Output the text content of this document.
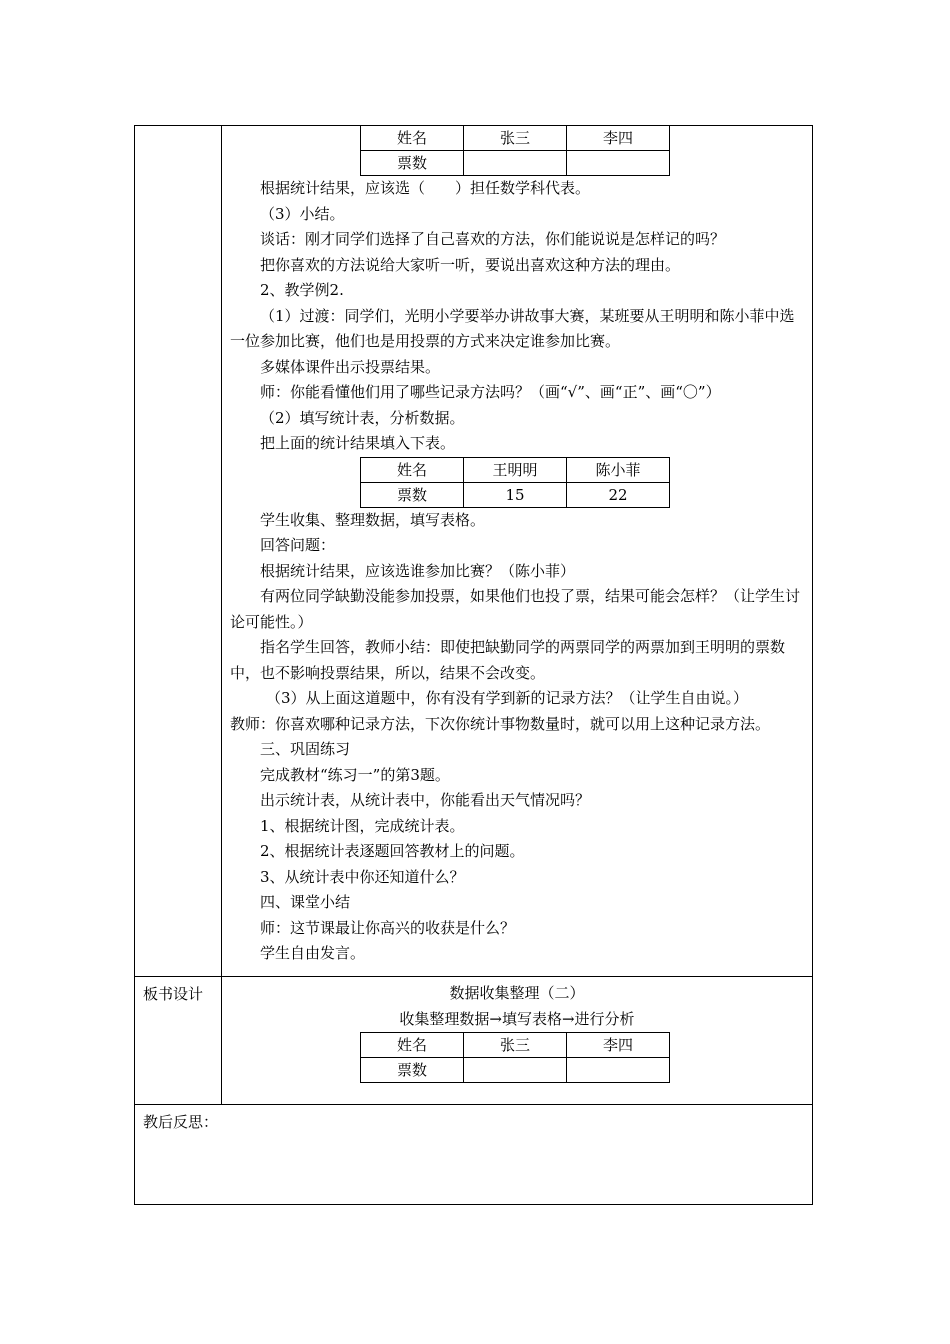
姓名	张三	李四
票数		
根据统计结果，应该选（　　）担任数学科代表。
（3）小结。
谈话：刚才同学们选择了自己喜欢的方法，你们能说说是怎样记的吗？
把你喜欢的方法说给大家听一听，要说出喜欢这种方法的理由。
2、教学例2.
（1）过渡：同学们，光明小学要举办讲故事大赛，某班要从王明明和陈小菲中选一位参加比赛，他们也是用投票的方式来决定谁参加比赛。
多媒体课件出示投票结果。
师：你能看懂他们用了哪些记录方法吗？（画“√”、画“正”、画“〇”）
（2）填写统计表，分析数据。
把上面的统计结果填入下表。
姓名	王明明	陈小菲
票数	15	22
学生收集、整理数据，填写表格。
回答问题：
根据统计结果，应该选谁参加比赛？（陈小菲）
有两位同学缺勤没能参加投票，如果他们也投了票，结果可能会怎样？（让学生讨论可能性。）
指名学生回答，教师小结：即使把缺勤同学的两票同学的两票加到王明明的票数中，也不影响投票结果，所以，结果不会改变。
（3）从上面这道题中，你有没有学到新的记录方法？（让学生自由说。）
教师：你喜欢哪种记录方法，下次你统计事物数量时，就可以用上这种记录方法。
三、巩固练习
完成教材“练习一”的第3题。
出示统计表，从统计表中，你能看出天气情况吗？
1、根据统计图，完成统计表。
2、根据统计表逐题回答教材上的问题。
3、从统计表中你还知道什么？
四、课堂小结
师：这节课最让你高兴的收获是什么？
学生自由发言。

板书设计	数据收集整理（二）
收集整理数据→填写表格→进行分析
姓名	张三	李四
票数		

教后反思：
